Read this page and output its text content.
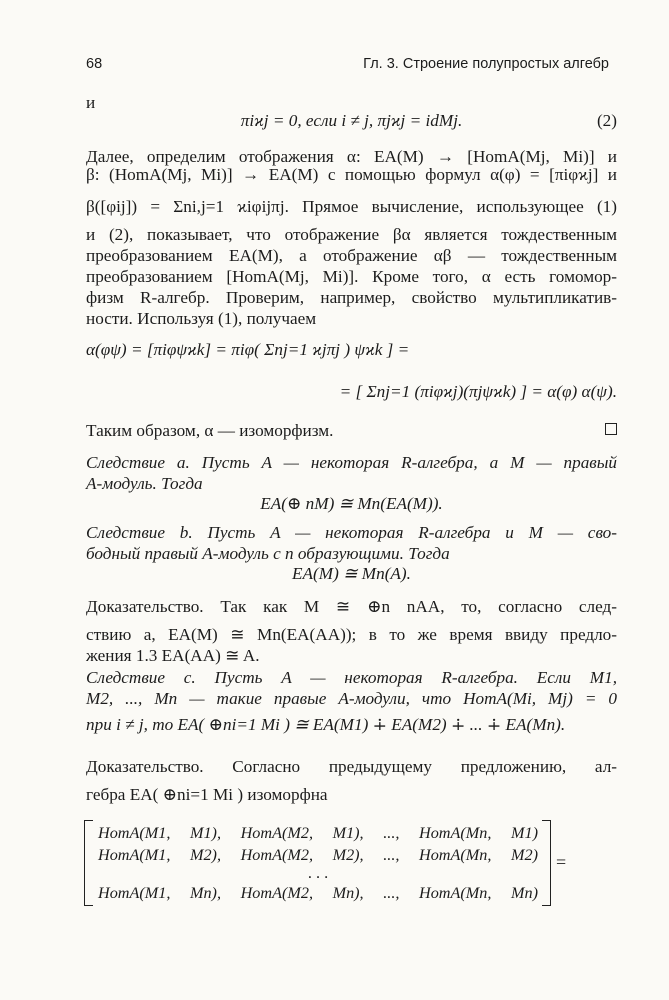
68	Гл. 3. Строение полупростых алгебр
и
πiϰj = 0, если i ≠ j, πjϰj = idMj.	(2)
Далее, определим отображения α: EA(M) → [HomA(Mj, Mi)] и
β: (HomA(Mj, Mi)] → EA(M) с помощью формул α(φ) = [πiφϰj] и
β([φij]) = Σni,j=1 ϰiφijπj. Прямое вычисление, использующее (1)
и (2), показывает, что отображение βα является тождественным
преобразованием EA(M), а отображение αβ — тождественным
преобразованием [HomA(Mj, Mi)]. Кроме того, α есть гомомор-
физм R-алгебр. Проверим, например, свойство мультипликатив-
ности. Используя (1), получаем
α(φψ) = [πiφψϰk] = πiφ( Σnj=1 ϰjπj ) ψϰk ] =
= [ Σnj=1 (πiφϰj)(πjψϰk) ] = α(φ) α(ψ).
Таким образом, α — изоморфизм.
Следствие a. Пусть A — некоторая R-алгебра, а M — правый
A-модуль. Тогда
EA(⊕ nM) ≅ Mn(EA(M)).
Следствие b. Пусть A — некоторая R-алгебра и M — сво-
бодный правый A-модуль с n образующими. Тогда
EA(M) ≅ Mn(A).
Доказательство. Так как M ≅ ⊕n nAA, то, согласно след-
ствию a, EA(M) ≅ Mn(EA(AA)); в то же время ввиду предло-
жения 1.3 EA(AA) ≅ A.
Следствие c. Пусть A — некоторая R-алгебра. Если M1,
M2, ..., Mn — такие правые A-модули, что HomA(Mi, Mj) = 0
при i ≠ j, то EA( ⊕ni=1 Mi ) ≅ EA(M1) ∔ EA(M2) ∔ ... ∔ EA(Mn).
Доказательство. Согласно предыдущему предложению, ал-
гебра EA( ⊕ni=1 Mi ) изоморфна
HomA(M1, M1), HomA(M2, M1), ..., HomA(Mn, M1)
HomA(M1, M2), HomA(M2, M2), ..., HomA(Mn, M2)
. . .
HomA(M1, Mn), HomA(M2, Mn), ..., HomA(Mn, Mn)
=
